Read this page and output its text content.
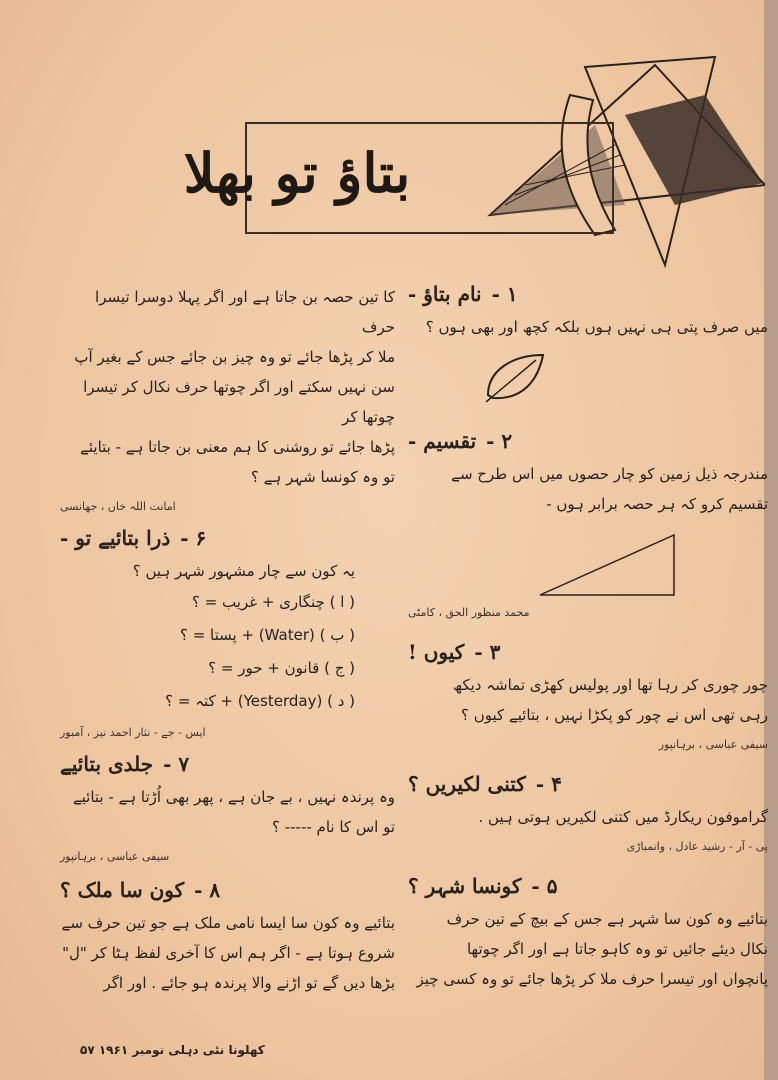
بتاؤ تو بھلا
۱ -
نام بتاؤ -
میں صرف پتی ہی نہیں ہوں بلکہ کچھ اور بھی ہوں ؟
۲ -
تقسیم -
مندرجہ ذیل زمین کو چار حصوں میں اس طرح سے
تقسیم کرو کہ ہر حصہ برابر ہوں -
محمد منظور الحق ، کامٹی
۳ -
کیوں !
چور چوری کر رہا تھا اور پولیس کھڑی تماشہ دیکھ
رہی تھی اس نے چور کو پکڑا نہیں ، بتائیے کیوں ؟
سیفی عباسی ، برہانپور
۴ -
کتنی لکیریں ؟
گراموفون ریکارڈ میں کتنی لکیریں ہوتی ہیں .
پی - آر - رشید عادل ، وانمباڑی
۵ -
کونسا شہر ؟
بتائیے وہ کون سا شہر ہے جس کے بیچ کے تین حرف
نکال دیئے جائیں تو وہ کاہو جاتا ہے اور اگر چوتھا
پانچواں اور تیسرا حرف ملا کر پڑھا جائے تو وہ کسی چیز
کا تین حصہ بن جاتا ہے اور اگر پہلا دوسرا تیسرا حرف
ملا کر پڑھا جائے تو وہ چیز بن جائے جس کے بغیر آپ
سن نہیں سکتے اور اگر چوتھا حرف نکال کر تیسرا چوتھا کر
پڑھا جائے تو روشنی کا ہم معنی بن جاتا ہے - بتایئے
تو وہ کونسا شہر ہے ؟
امانت اللہ خاں ، جھانسی
۶ -
ذرا بتائیے تو -
یہ کون سے چار مشہور شہر ہیں ؟
( ا ) چنگاری + غریب = ؟
( ب ) (Water) + پستا = ؟
( ج ) قانون + حور = ؟
( د ) (Yesterday) + کتہ = ؟
ایس - جے - نثار احمد نیز ، آمبور
۷ -
جلدی بتائیے
وہ پرندہ نہیں ، بے جان ہے ، پھر بھی اُڑتا ہے - بتائیے
تو اس کا نام ----- ؟
سیفی عباسی ، برہانپور
۸ -
کون سا ملک ؟
بتائیے وہ کون سا ایسا نامی ملک ہے جو تین حرف سے
شروع ہوتا ہے - اگر ہم اس کا آخری لفظ ہٹا کر "ل"
بڑھا دیں گے تو اڑنے والا پرندہ ہو جائے . اور اگر
کھلونا نئی دہلی نومبر ۱۹۶۱ ۵۷
